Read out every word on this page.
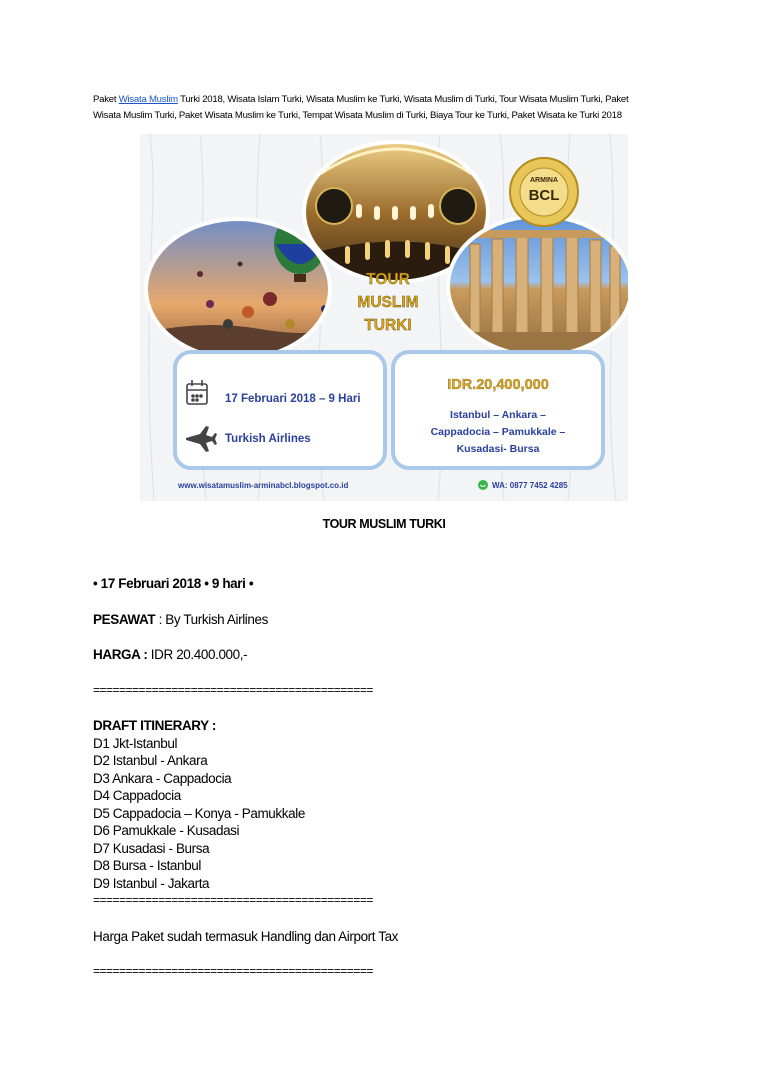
Paket Wisata Muslim Turki 2018, Wisata Islam Turki, Wisata Muslim ke Turki, Wisata Muslim di Turki, Tour Wisata Muslim Turki, Paket
Wisata Muslim Turki, Paket Wisata Muslim ke Turki, Tempat Wisata Muslim di Turki, Biaya Tour ke Turki, Paket Wisata ke Turki 2018
ARMINA
BCL
TOUR
MUSLIM
TURKI
17 Februari 2018 – 9 Hari
Turkish Airlines
IDR.20,400,000
Istanbul – Ankara –
Cappadocia – Pamukkale –
Kusadasi- Bursa
www.wisatamuslim-arminabcl.blogspot.co.id	WA: 0877 7452 4285
TOUR MUSLIM TURKI
• 17 Februari 2018 • 9 hari •
PESAWAT : By Turkish Airlines
HARGA : IDR 20.400.000,-
===========================================
DRAFT ITINERARY :
D1 Jkt-Istanbul
D2 Istanbul - Ankara
D3 Ankara - Cappadocia
D4 Cappadocia
D5 Cappadocia – Konya - Pamukkale
D6 Pamukkale - Kusadasi
D7 Kusadasi - Bursa
D8 Bursa - Istanbul
D9 Istanbul - Jakarta
===========================================
Harga Paket sudah termasuk Handling dan Airport Tax
===========================================
